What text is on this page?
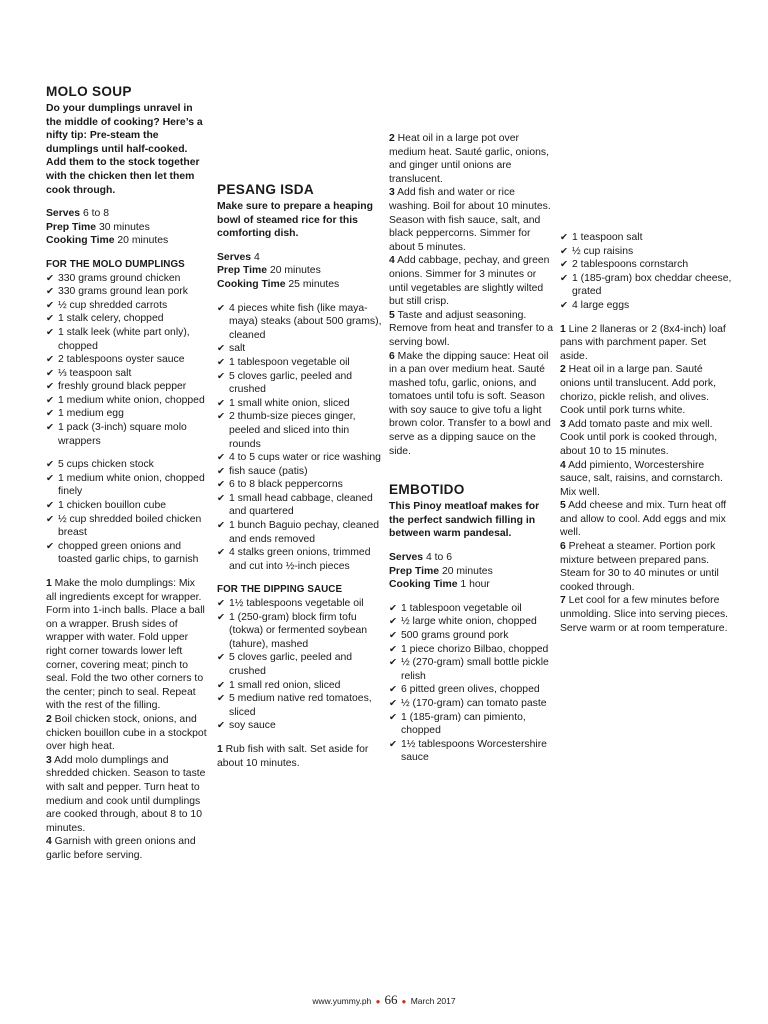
MOLO SOUP
Do your dumplings unravel in the middle of cooking? Here’s a nifty tip: Pre-steam the dumplings until half-cooked. Add them to the stock together with the chicken then let them cook through.

Serves 6 to 8

Prep Time 30 minutes

Cooking Time 20 minutes

FOR THE MOLO DUMPLINGS
✔ 330 grams ground chicken
✔ 330 grams ground lean pork
✔ ½ cup shredded carrots
✔ 1 stalk celery, chopped
✔ 1 stalk leek (white part only), chopped
✔ 2 tablespoons oyster sauce
✔ ⅓ teaspoon salt
✔ freshly ground black pepper
✔ 1 medium white onion, chopped
✔ 1 medium egg
✔ 1 pack (3-inch) square molo wrappers
✔ 5 cups chicken stock
✔ 1 medium white onion, chopped finely
✔ 1 chicken bouillon cube
✔ ½ cup shredded boiled chicken breast
✔ chopped green onions and toasted garlic chips, to garnish

1 Make the molo dumplings: Mix all ingredients except for wrapper. Form into 1-inch balls. Place a ball on a wrapper. Brush sides of wrapper with water. Fold upper right corner towards lower left corner, covering meat; pinch to seal. Fold the two other corners to the center; pinch to seal. Repeat with the rest of the filling.

2 Boil chicken stock, onions, and chicken bouillon cube in a stockpot over high heat.

3 Add molo dumplings and shredded chicken. Season to taste with salt and pepper. Turn heat to medium and cook until dumplings are cooked through, about 8 to 10 minutes.

4 Garnish with green onions and garlic before serving.

PESANG ISDA
Make sure to prepare a heaping bowl of steamed rice for this comforting dish.

Serves 4

Prep Time 20 minutes

Cooking Time 25 minutes

✔ 4 pieces white fish (like maya-maya) steaks (about 500 grams), cleaned
✔ salt
✔ 1 tablespoon vegetable oil
✔ 5 cloves garlic, peeled and crushed
✔ 1 small white onion, sliced
✔ 2 thumb-size pieces ginger, peeled and sliced into thin rounds
✔ 4 to 5 cups water or rice washing
✔ fish sauce (patis)
✔ 6 to 8 black peppercorns
✔ 1 small head cabbage, cleaned and quartered
✔ 1 bunch Baguio pechay, cleaned and ends removed
✔ 4 stalks green onions, trimmed and cut into ½-inch pieces
FOR THE DIPPING SAUCE
✔ 1½ tablespoons vegetable oil
✔ 1 (250-gram) block firm tofu (tokwa) or fermented soybean (tahure), mashed
✔ 5 cloves garlic, peeled and crushed
✔ 1 small red onion, sliced
✔ 5 medium native red tomatoes, sliced
✔ soy sauce

1 Rub fish with salt. Set aside for about 10 minutes.

2 Heat oil in a large pot over medium heat. Sauté garlic, onions, and ginger until onions are translucent.

3 Add fish and water or rice washing. Boil for about 10 minutes. Season with fish sauce, salt, and black peppercorns. Simmer for about 5 minutes.

4 Add cabbage, pechay, and green onions. Simmer for 3 minutes or until vegetables are slightly wilted but still crisp.

5 Taste and adjust seasoning. Remove from heat and transfer to a serving bowl.

6 Make the dipping sauce: Heat oil in a pan over medium heat. Sauté mashed tofu, garlic, onions, and tomatoes until tofu is soft. Season with soy sauce to give tofu a light brown color. Transfer to a bowl and serve as a dipping sauce on the side.

EMBOTIDO
This Pinoy meatloaf makes for the perfect sandwich filling in between warm pandesal.

Serves 4 to 6

Prep Time 20 minutes

Cooking Time 1 hour

✔ 1 tablespoon vegetable oil
✔ ½ large white onion, chopped
✔ 500 grams ground pork
✔ 1 piece chorizo Bilbao, chopped
✔ ½ (270-gram) small bottle pickle relish
✔ 6 pitted green olives, chopped
✔ ½ (170-gram) can tomato paste
✔ 1 (185-gram) can pimiento, chopped
✔ 1½ tablespoons Worcestershire sauce
✔ 1 teaspoon salt
✔ ½ cup raisins
✔ 2 tablespoons cornstarch
✔ 1 (185-gram) box cheddar cheese, grated
✔ 4 large eggs

1 Line 2 llaneras or 2 (8x4-inch) loaf pans with parchment paper. Set aside.

2 Heat oil in a large pan. Sauté onions until translucent. Add pork, chorizo, pickle relish, and olives. Cook until pork turns white.

3 Add tomato paste and mix well. Cook until pork is cooked through, about 10 to 15 minutes.

4 Add pimiento, Worcestershire sauce, salt, raisins, and cornstarch. Mix well.

5 Add cheese and mix. Turn heat off and allow to cool. Add eggs and mix well.

6 Preheat a steamer. Portion pork mixture between prepared pans. Steam for 30 to 40 minutes or until cooked through.

7 Let cool for a few minutes before unmolding. Slice into serving pieces. Serve warm or at room temperature.

www.yummy.ph ● 66 ● March 2017
